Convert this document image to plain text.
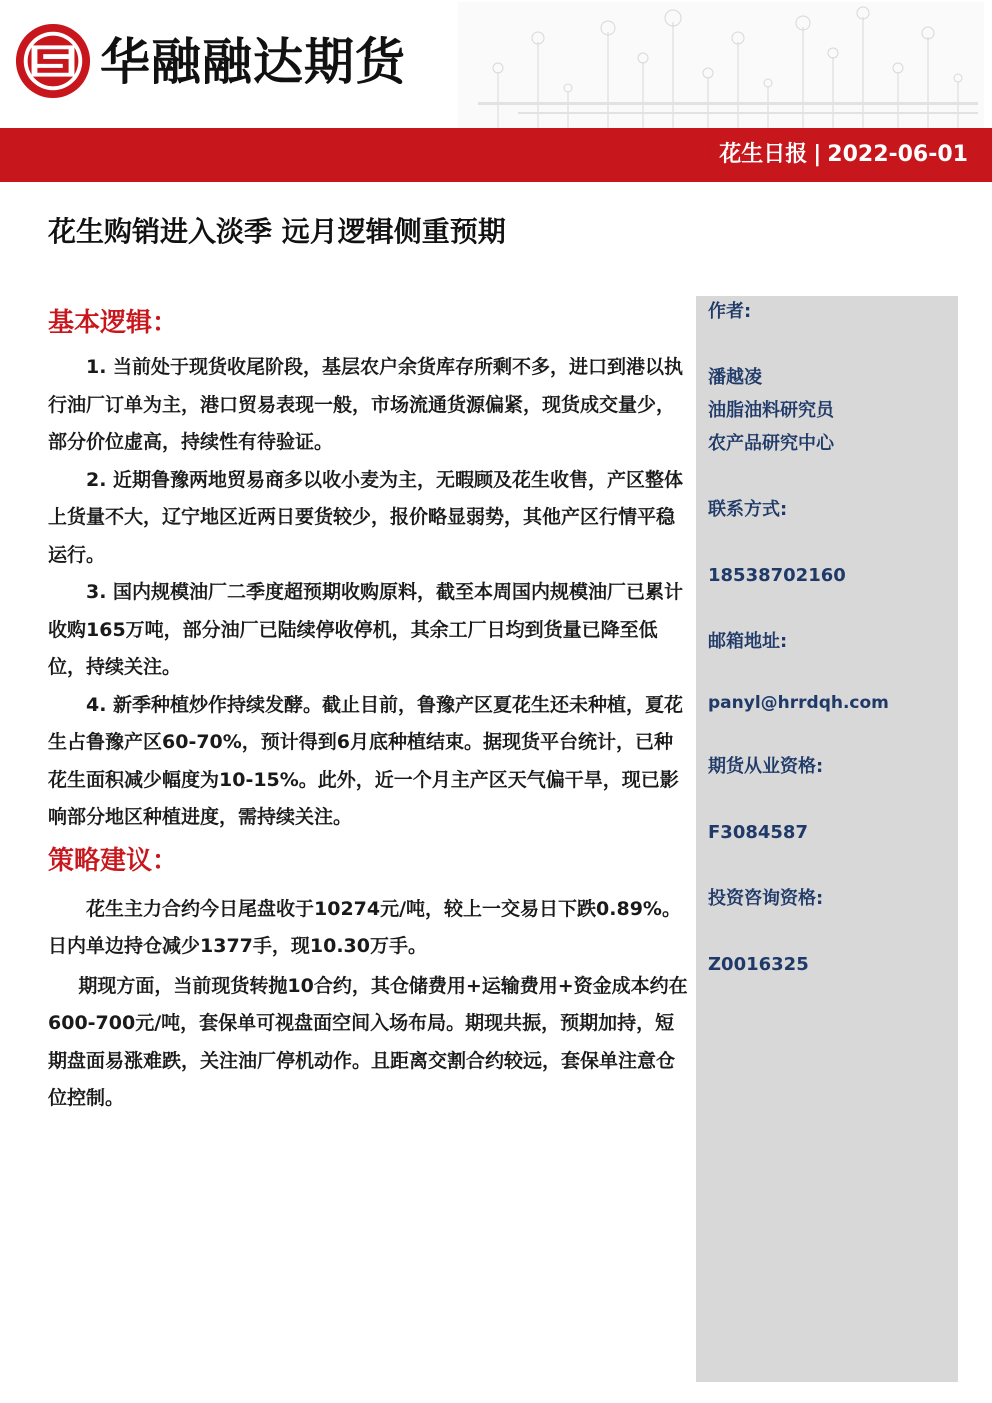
华融融达期货
花生日报 | 2022-06-01
花生购销进入淡季 远月逻辑侧重预期

基本逻辑：

1. 当前处于现货收尾阶段，基层农户余货库存所剩不多，进口到港以执行油厂订单为主，港口贸易表现一般，市场流通货源偏紧，现货成交量少，部分价位虚高，持续性有待验证。

2. 近期鲁豫两地贸易商多以收小麦为主，无暇顾及花生收售，产区整体上货量不大，辽宁地区近两日要货较少，报价略显弱势，其他产区行情平稳运行。

3. 国内规模油厂二季度超预期收购原料，截至本周国内规模油厂已累计收购165万吨，部分油厂已陆续停收停机，其余工厂日均到货量已降至低位，持续关注。

4. 新季种植炒作持续发酵。截止目前，鲁豫产区夏花生还未种植，夏花生占鲁豫产区60-70%，预计得到6月底种植结束。据现货平台统计，已种花生面积减少幅度为10-15%。此外，近一个月主产区天气偏干旱，现已影响部分地区种植进度，需持续关注。

策略建议：

花生主力合约今日尾盘收于10274元/吨，较上一交易日下跌0.89%。日内单边持仓减少1377手，现10.30万手。

期现方面，当前现货转抛10合约，其仓储费用+运输费用+资金成本约在600-700元/吨，套保单可视盘面空间入场布局。期现共振，预期加持，短期盘面易涨难跌，关注油厂停机动作。且距离交割合约较远，套保单注意仓位控制。

作者:
潘越凌
油脂油料研究员
农产品研究中心
联系方式:
18538702160
邮箱地址:
panyl@hrrdqh.com
期货从业资格:
F3084587
投资咨询资格:
Z0016325
